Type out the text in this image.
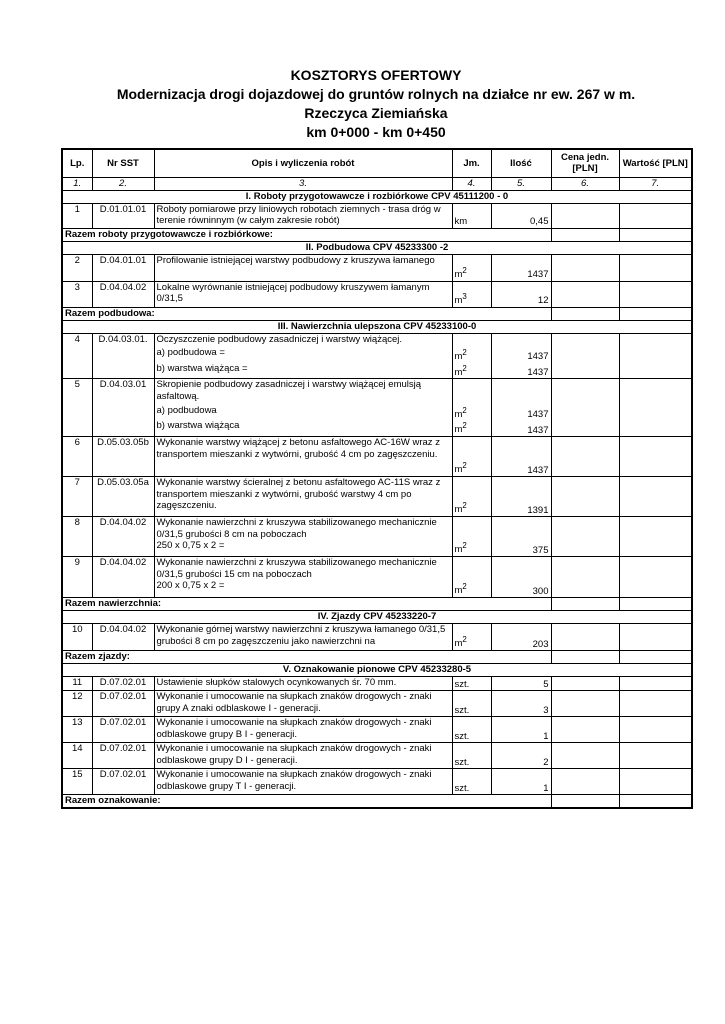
KOSZTORYS OFERTOWY
Modernizacja drogi dojazdowej do gruntów rolnych na działce nr ew. 267 w m.
Rzeczyca Ziemiańska
km 0+000 - km 0+450
Lp.	Nr SST	Opis i wyliczenia robót	Jm.	Ilość	Cena jedn. [PLN]	Wartość [PLN]
1.	2.	3.	4.	5.	6.	7.
I. Roboty przygotowawcze i rozbiórkowe CPV 45111200 - 0						
1	D.01.01.01	Roboty pomiarowe przy liniowych robotach ziemnych - trasa dróg w terenie równinnym (w całym zakresie robót)	km	0,45		
Razem roboty przygotowawcze i rozbiórkowe:						
II. Podbudowa CPV 45233300 -2						
2	D.04.01.01	Profilowanie istniejącej warstwy podbudowy z kruszywa łamanego	$m^2$	1437		
3	D.04.04.02	Lokalne wyrównanie istniejącej podbudowy kruszywem łamanym 0/31,5	$m^3$	12		
Razem podbudowa:						
III. Nawierzchnia ulepszona CPV 45233100-0						
4	D.04.03.01.	Oczyszczenie podbudowy zasadniczej i warstwy wiążącej.				
		a) podbudowa =	$m^2$	1437		
		b) warstwa wiążąca =	$m^2$	1437		
5	D.04.03.01	Skropienie podbudowy zasadniczej i warstwy wiążącej emulsją asfaltową.				
		a) podbudowa	$m^2$	1437		
		b) warstwa wiążąca	$m^2$	1437		
6	D.05.03.05b	Wykonanie warstwy wiążącej z betonu asfaltowego AC-16W wraz z transportem mieszanki z wytwórni, grubość 4 cm po zagęszczeniu.	$m^2$	1437		
7	D.05.03.05a	Wykonanie warstwy ścieralnej z betonu asfaltowego AC-11S wraz z transportem mieszanki z wytwórni, grubość warstwy 4 cm po zagęszczeniu.	$m^2$	1391		
8	D.04.04.02	Wykonanie nawierzchni z kruszywa stabilizowanego mechanicznie 0/31,5 grubości 8 cm na poboczach
250 x 0,75 x 2 =	$m^2$	375		
9	D.04.04.02	Wykonanie nawierzchni z kruszywa stabilizowanego mechanicznie 0/31,5 grubości 15 cm na poboczach
200 x 0,75 x 2 =	$m^2$	300		
Razem nawierzchnia:						
IV. Zjazdy CPV 45233220-7						
10	D.04.04.02	Wykonanie górnej warstwy nawierzchni z kruszywa łamanego 0/31,5 grubości 8 cm po zagęszczeniu jako nawierzchni na	$m^2$	203		
Razem zjazdy:						
V. Oznakowanie pionowe CPV 45233280-5						
11	D.07.02.01	Ustawienie słupków stalowych ocynkowanych śr. 70 mm.	szt.	5		
12	D.07.02.01	Wykonanie i umocowanie na słupkach znaków drogowych - znaki grupy A znaki odblaskowe I - generacji.	szt.	3		
13	D.07.02.01	Wykonanie i umocowanie na słupkach znaków drogowych - znaki odblaskowe grupy B I - generacji.	szt.	1		
14	D.07.02.01	Wykonanie i umocowanie na słupkach znaków drogowych - znaki odblaskowe grupy D I - generacji.	szt.	2		
15	D.07.02.01	Wykonanie i umocowanie na słupkach znaków drogowych - znaki odblaskowe grupy T I - generacji.	szt.	1		
Razem oznakowanie:						
